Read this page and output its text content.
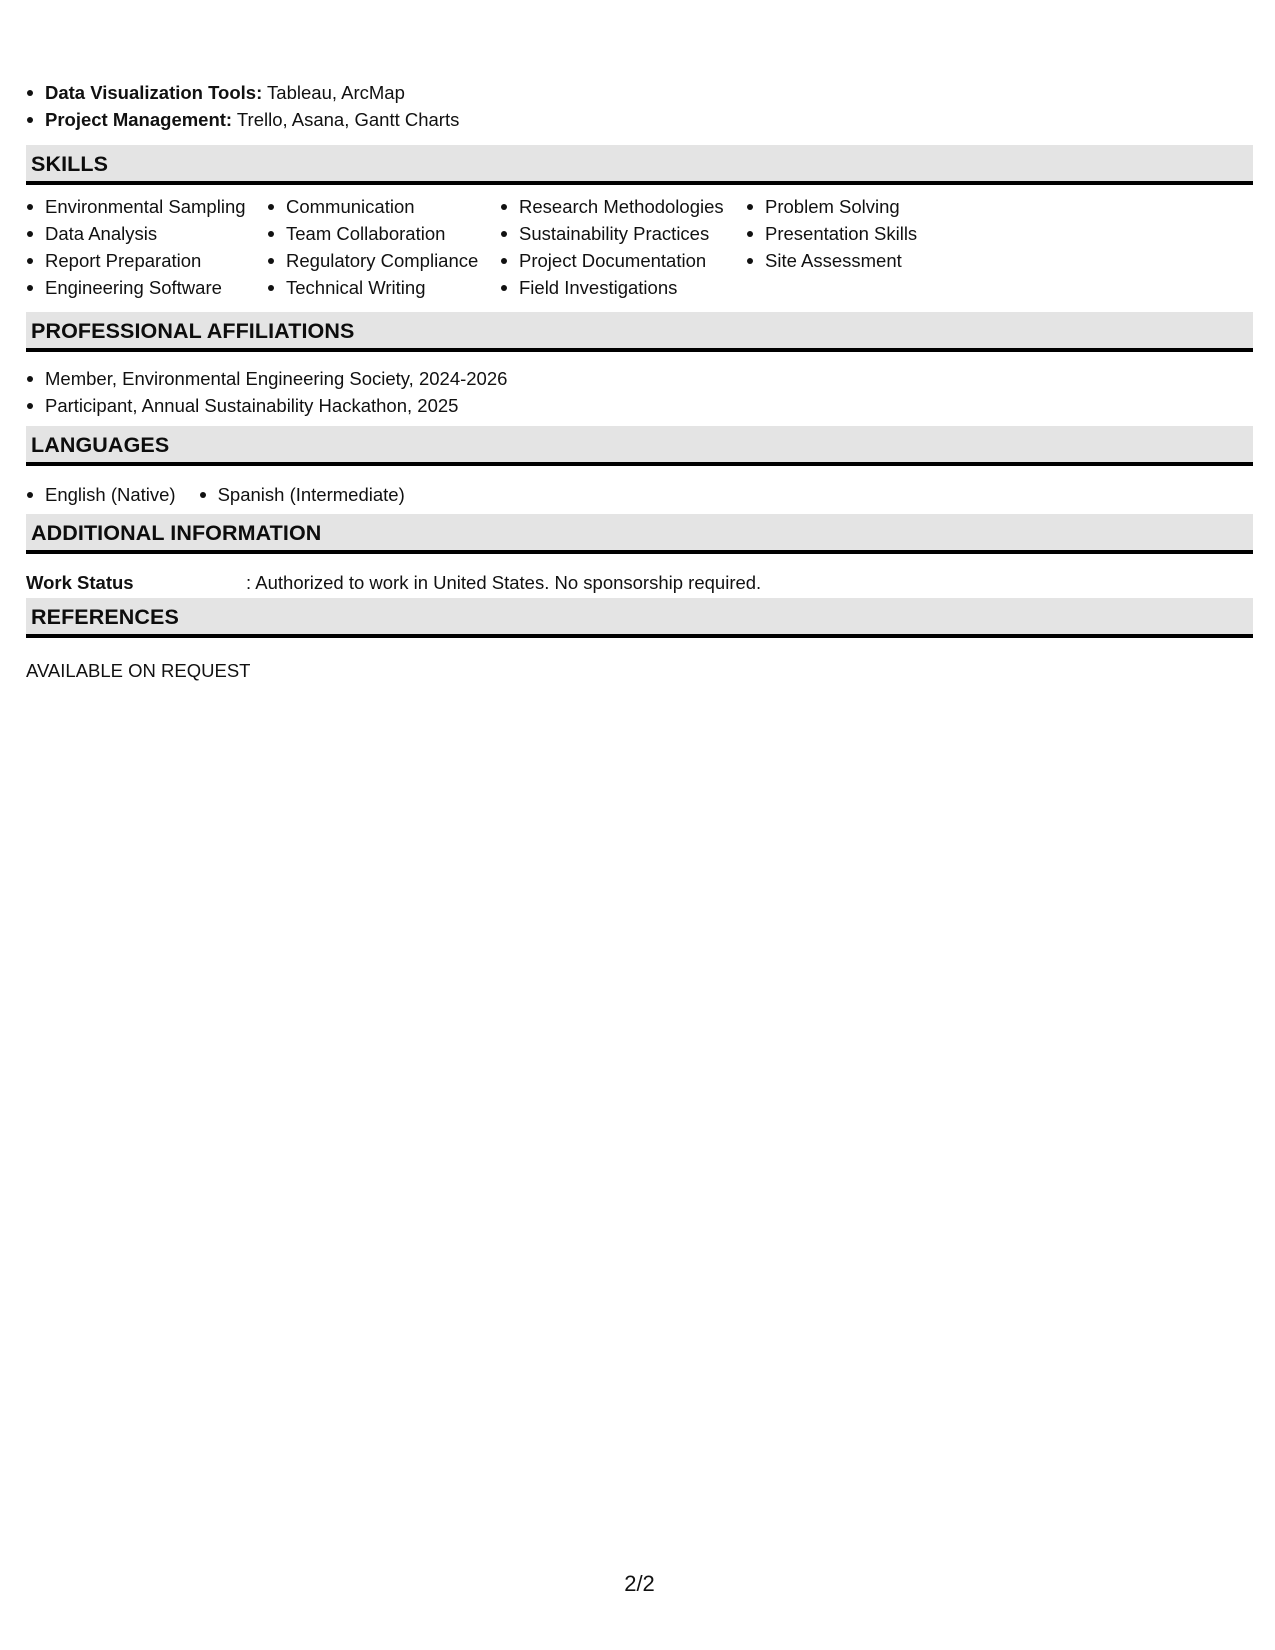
Data Visualization Tools: Tableau, ArcMap
Project Management: Trello, Asana, Gantt Charts
SKILLS
Environmental Sampling
Data Analysis
Report Preparation
Engineering Software
Communication
Team Collaboration
Regulatory Compliance
Technical Writing
Research Methodologies
Sustainability Practices
Project Documentation
Field Investigations
Problem Solving
Presentation Skills
Site Assessment
PROFESSIONAL AFFILIATIONS
Member, Environmental Engineering Society, 2024-2026
Participant, Annual Sustainability Hackathon, 2025
LANGUAGES
English (Native)	Spanish (Intermediate)
ADDITIONAL INFORMATION
Work Status	: Authorized to work in United States. No sponsorship required.
REFERENCES
AVAILABLE ON REQUEST
2/2
